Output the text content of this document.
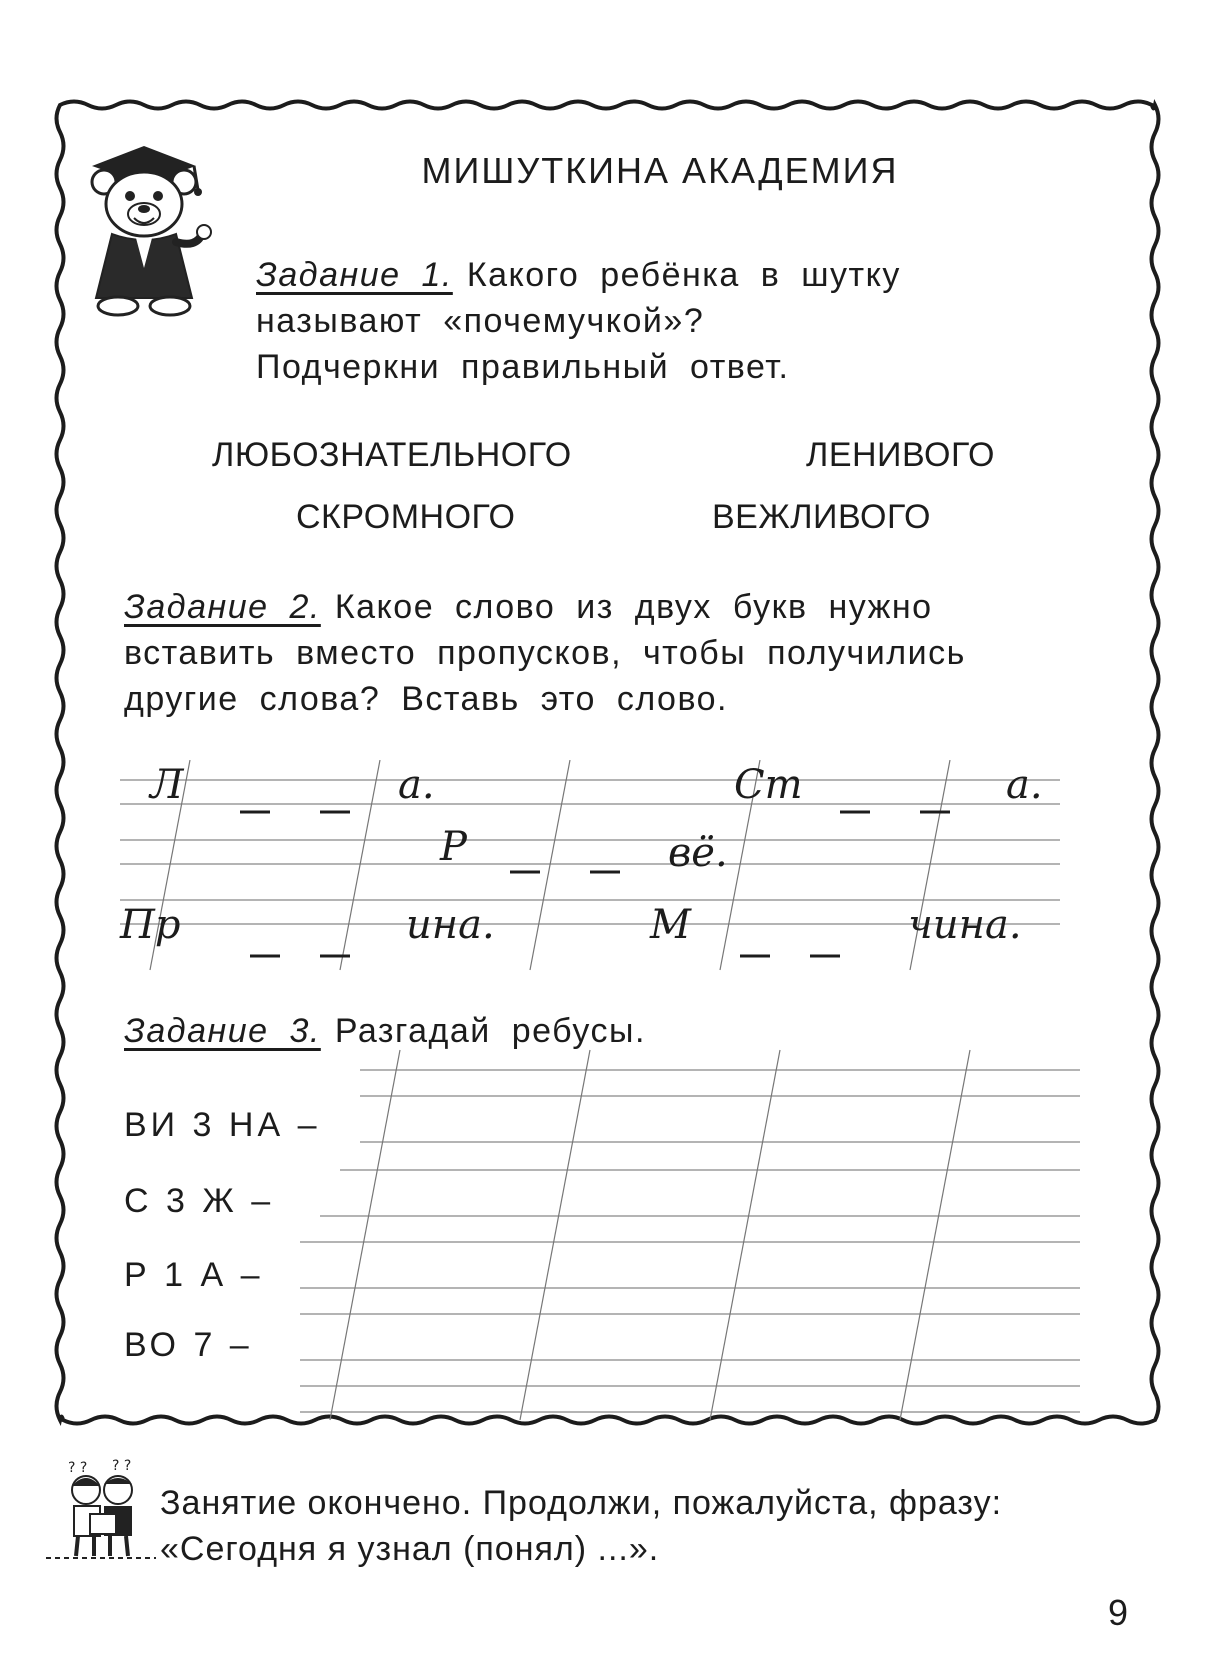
МИШУТКИНА АКАДЕМИЯ
Задание 1. Какого ребёнка в шутку
называют «почемучкой»?
Подчеркни правильный ответ.
ЛЮБОЗНАТЕЛЬНОГО	ЛЕНИВОГО
СКРОМНОГО	ВЕЖЛИВОГО
Задание 2. Какое слово из двух букв нужно
вставить вместо пропусков, чтобы получились
другие слова? Вставь это слово.
Л	а.	Ст	а.
Р	вё.
Пр	ина.	М	чина.
Задание 3. Разгадай ребусы.
ВИ 3 НА –
С 3 Ж –
Р 1 А –
ВО 7 –
? ? ? ?
Занятие окончено. Продолжи, пожалуйста, фразу:
«Сегодня я узнал (понял) ...».
9
